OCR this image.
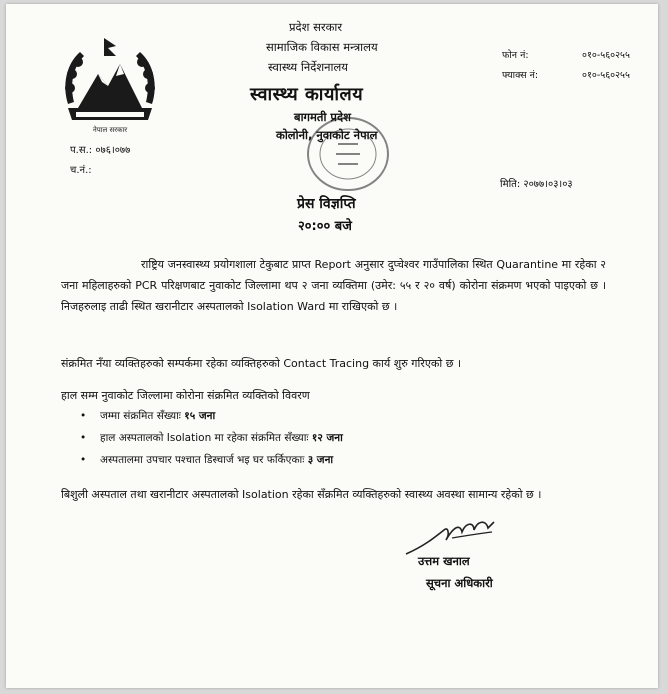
नेपाल सरकार
प्रदेश सरकार
सामाजिक विकास मन्त्रालय
स्वास्थ्य निर्देशनालय
स्वास्थ्य कार्यालय
बागमती प्रदेश
कोलोनी, नुवाकोट नेपाल
फोन नं:	०१०-५६०२५५
फ्याक्स नं:	०१०-५६०२५५
प.स.: ०७६।०७७
च.नं.:
मिति: २०७७।०३।०३
प्रेस विज्ञप्ति
२०:०० बजे
राष्ट्रिय जनस्वास्थ्य प्रयोगशाला टेकुबाट प्राप्त Report अनुसार दुप्चेश्वर गाउँपालिका स्थित Quarantine मा रहेका २ जना महिलाहरुको PCR परिक्षणबाट नुवाकोट जिल्लामा थप २ जना व्यक्तिमा (उमेर: ५५ र २० वर्ष) कोरोना संक्रमण भएको पाइएको छ । निजहरुलाइ ताढी स्थित खरानीटार अस्पतालको Isolation Ward मा राखिएको छ ।
संक्रमित नँया व्यक्तिहरुको सम्पर्कमा रहेका व्यक्तिहरुको Contact Tracing कार्य शुरु गरिएको छ ।
हाल सम्म नुवाकोट जिल्लामा कोरोना संक्रमित व्यक्तिको विवरण
• जम्मा संक्रमित सँख्याः १५ जना
• हाल अस्पतालको Isolation मा रहेका संक्रमित सँख्याः १२ जना
• अस्पतालमा उपचार पश्चात डिस्चार्ज भइ घर फर्किएकाः ३ जना
बिशुली अस्पताल तथा खरानीटार अस्पतालको Isolation रहेका सँक्रमित व्यक्तिहरुको स्वास्थ्य अवस्था सामान्य रहेको छ ।
उत्तम खनाल
सूचना अधिकारी
